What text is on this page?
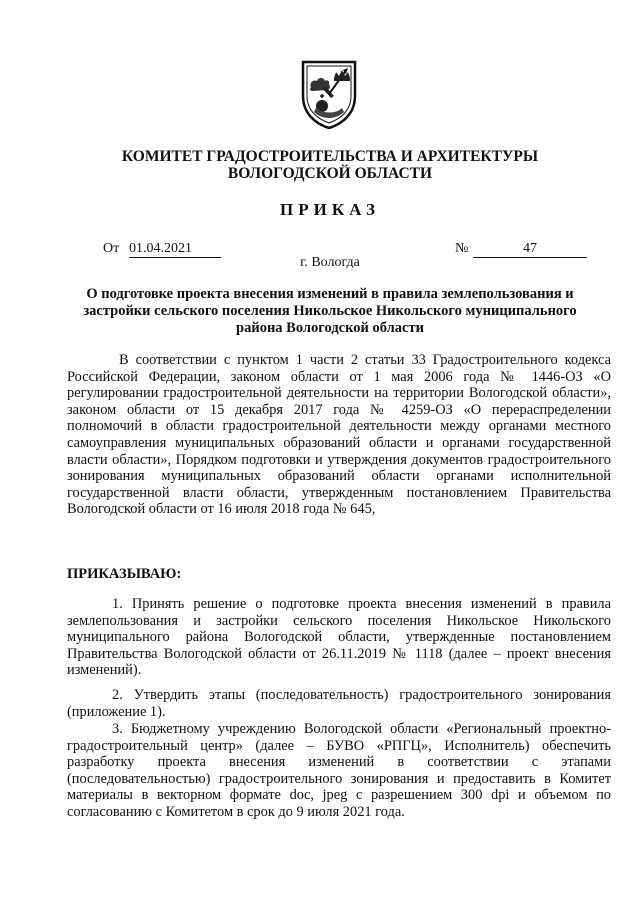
КОМИТЕТ ГРАДОСТРОИТЕЛЬСТВА И АРХИТЕКТУРЫ
ВОЛОГОДСКОЙ ОБЛАСТИ
ПРИКАЗ
От 01.04.2021	№	47
г. Вологда
О подготовке проекта внесения изменений в правила землепользования и застройки сельского поселения Никольское Никольского муниципального района Вологодской области
В соответствии с пунктом 1 части 2 статьи 33 Градостроительного кодекса Российской Федерации, законом области от 1 мая 2006 года № 1446-ОЗ «О регулировании градостроительной деятельности на территории Вологодской области», законом области от 15 декабря 2017 года № 4259-ОЗ «О перераспределении полномочий в области градостроительной деятельности между органами местного самоуправления муниципальных образований области и органами государственной власти области», Порядком подготовки и утверждения документов градостроительного зонирования муниципальных образований области органами исполнительной государственной власти области, утвержденным постановлением Правительства Вологодской области от 16 июля 2018 года № 645,
ПРИКАЗЫВАЮ:
1. Принять решение о подготовке проекта внесения изменений в правила землепользования и застройки сельского поселения Никольское Никольского муниципального района Вологодской области, утвержденные постановлением Правительства Вологодской области от 26.11.2019 № 1118 (далее – проект внесения изменений).
2. Утвердить этапы (последовательность) градостроительного зонирования (приложение 1).
3. Бюджетному учреждению Вологодской области «Региональный проектно-градостроительный центр» (далее – БУВО «РПГЦ», Исполнитель) обеспечить разработку проекта внесения изменений в соответствии с этапами (последовательностью) градостроительного зонирования и предоставить в Комитет материалы в векторном формате doc, jpeg с разрешением 300 dpi и объемом по согласованию с Комитетом в срок до 9 июля 2021 года.
